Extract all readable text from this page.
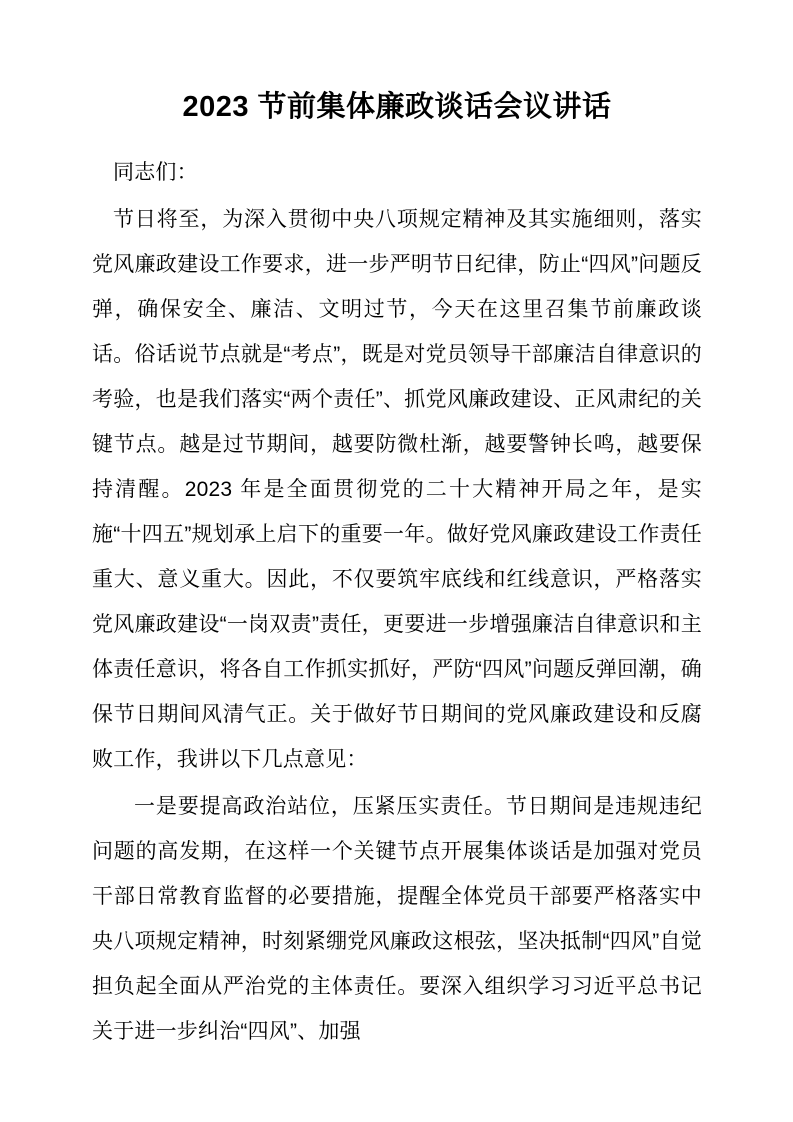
2023 节前集体廉政谈话会议讲话

同志们：

节日将至，为深入贯彻中央八项规定精神及其实施细则，落实党风廉政建设工作要求，进一步严明节日纪律，防止“四风”问题反弹，确保安全、廉洁、文明过节，今天在这里召集节前廉政谈话。俗话说节点就是“考点”，既是对党员领导干部廉洁自律意识的考验，也是我们落实“两个责任”、抓党风廉政建设、正风肃纪的关键节点。越是过节期间，越要防微杜渐，越要警钟长鸣，越要保持清醒。2023 年是全面贯彻党的二十大精神开局之年，是实施“十四五”规划承上启下的重要一年。做好党风廉政建设工作责任重大、意义重大。因此，不仅要筑牢底线和红线意识，严格落实党风廉政建设“一岗双责”责任，更要进一步增强廉洁自律意识和主体责任意识，将各自工作抓实抓好，严防“四风”问题反弹回潮，确保节日期间风清气正。关于做好节日期间的党风廉政建设和反腐败工作，我讲以下几点意见：

一是要提高政治站位，压紧压实责任。节日期间是违规违纪问题的高发期，在这样一个关键节点开展集体谈话是加强对党员干部日常教育监督的必要措施，提醒全体党员干部要严格落实中央八项规定精神，时刻紧绷党风廉政这根弦，坚决抵制“四风”自觉担负起全面从严治党的主体责任。要深入组织学习习近平总书记关于进一步纠治“四风”、加强
